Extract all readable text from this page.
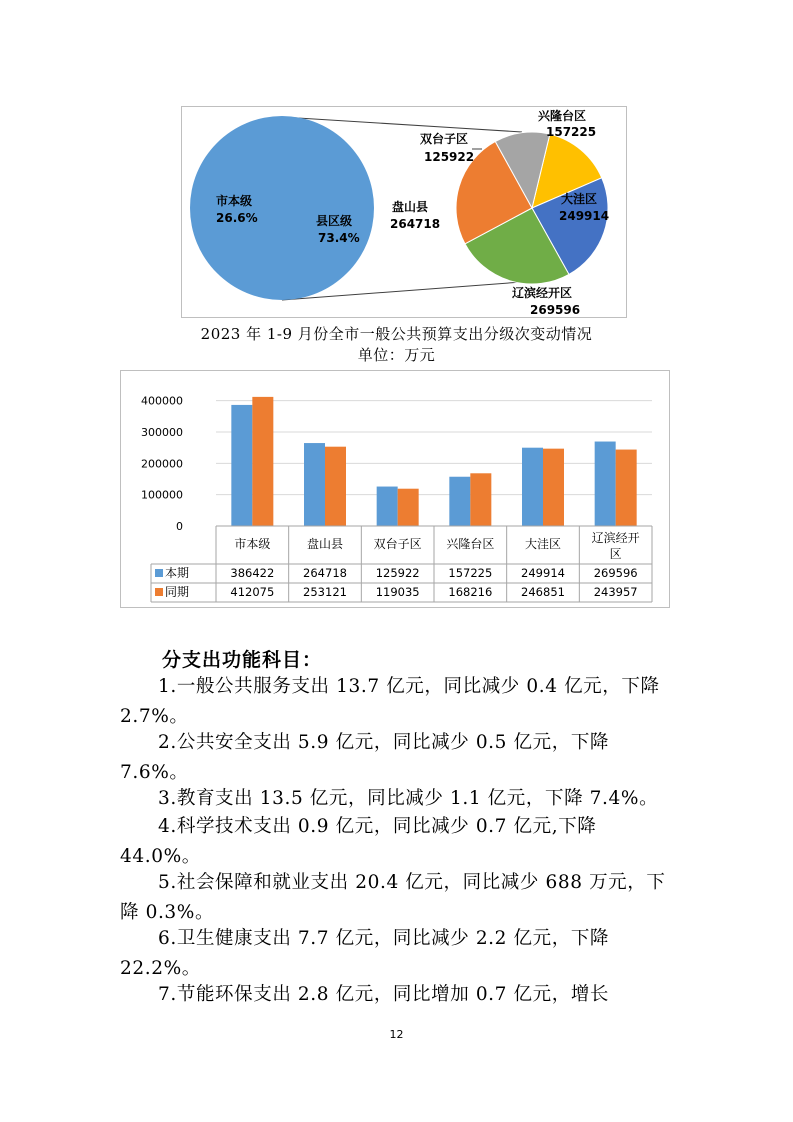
市本级
26.6%	县区级
73.4%
盘山县
264718
兴隆台区
157225
双台子区
125922
大洼区
249914
辽滨经开区
269596
2023 年 1-9 月份全市一般公共预算支出分级次变动情况
单位：万元
0
100000
200000
300000
400000
市本级	盘山县	双台子区 兴隆台区	大洼区	辽滨经开
区
本期	386422	264718	125922	157225	249914	269596
同期	412075	253121	119035	168216	246851	243957
分支出功能科目：
1.一般公共服务支出 13.7 亿元，同比减少 0.4 亿元，下降 2.7%。
2.公共安全支出 5.9 亿元，同比减少 0.5 亿元，下降 7.6%。
3.教育支出 13.5 亿元，同比减少 1.1 亿元，下降 7.4%。
4.科学技术支出 0.9 亿元，同比减少 0.7 亿元,下降 44.0%。
5.社会保障和就业支出 20.4 亿元，同比减少 688 万元，下降 0.3%。
6.卫生健康支出 7.7 亿元，同比减少 2.2 亿元，下降 22.2%。
7.节能环保支出 2.8 亿元，同比增加 0.7 亿元，增长
12
